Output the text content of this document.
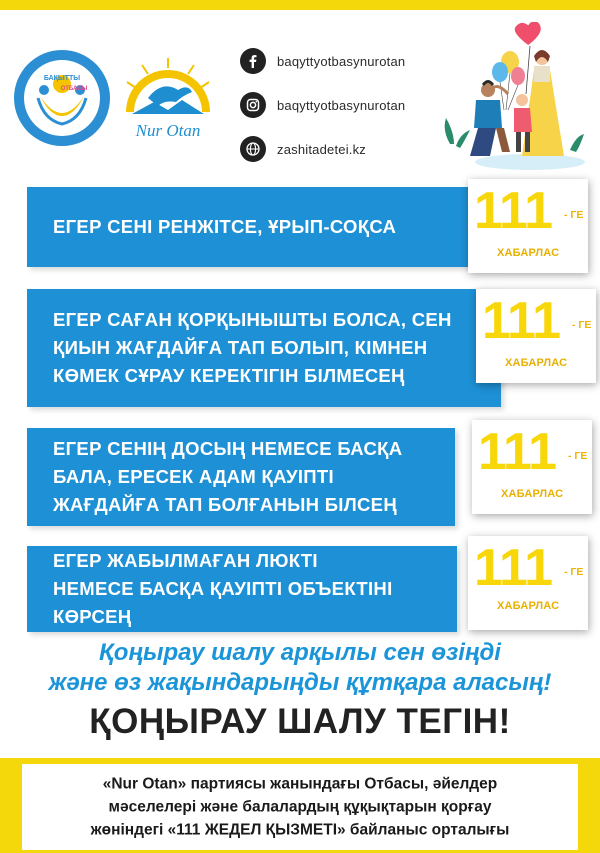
БАҚЫТТЫ
ОТБАСЫ
Nur Otan
baqyttyotbasynurotan
baqyttyotbasynurotan
zashitadetei.kz
ЕГЕР СЕНІ РЕНЖІТСЕ, ҰРЫП-СОҚСА	111 - ГЕ
ХАБАРЛАС
ЕГЕР САҒАН ҚОРҚЫНЫШТЫ БОЛСА, СЕН ҚИЫН ЖАҒДАЙҒА ТАП БОЛЫП, КІМНЕН КӨМЕК СҰРАУ КЕРЕКТІГІН БІЛМЕСЕҢ
111 - ГЕ
ХАБАРЛАС
ЕГЕР СЕНІҢ ДОСЫҢ НЕМЕСЕ БАСҚА БАЛА, ЕРЕСЕК АДАМ ҚАУІПТІ ЖАҒДАЙҒА ТАП БОЛҒАНЫН БІЛСЕҢ
111 - ГЕ
ХАБАРЛАС
ЕГЕР ЖАБЫЛМАҒАН ЛЮКТІ НЕМЕСЕ БАСҚА ҚАУІПТІ ОБЪЕКТІНІ КӨРСЕҢ
111 - ГЕ
ХАБАРЛАС
Қоңырау шалу арқылы сен өзіңді
және өз жақындарыңды құтқара аласың!
ҚОҢЫРАУ ШАЛУ ТЕГІН!
«Nur Otan» партиясы жанындағы Отбасы, әйелдер
мәселелері және балалардың құқықтарын қорғау
жөніндегі «111 ЖЕДЕЛ ҚЫЗМЕТІ» байланыс орталығы
